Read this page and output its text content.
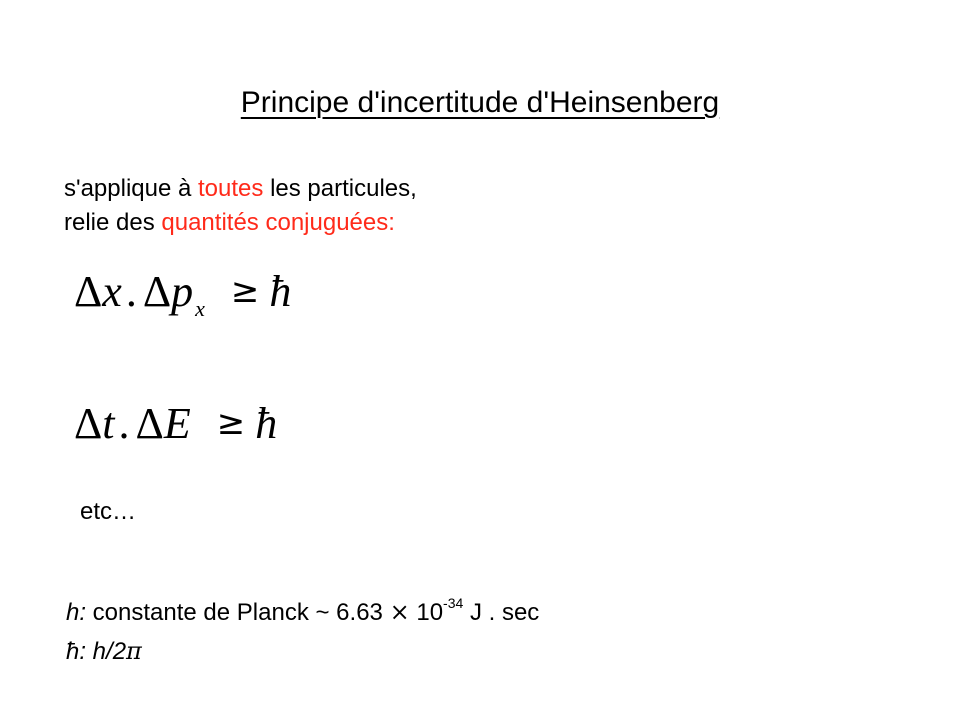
Principe d'incertitude d'Heinsenberg
s'applique à toutes les particules,
relie des quantités conjuguées:
Δx. $\Delta p_x$ ≥ ħ
Δt. ΔE ≥ ħ
etc…
h: constante de Planck ~ $6.63 \times 10^{-34}$ J . sec
ħ: h/2π
